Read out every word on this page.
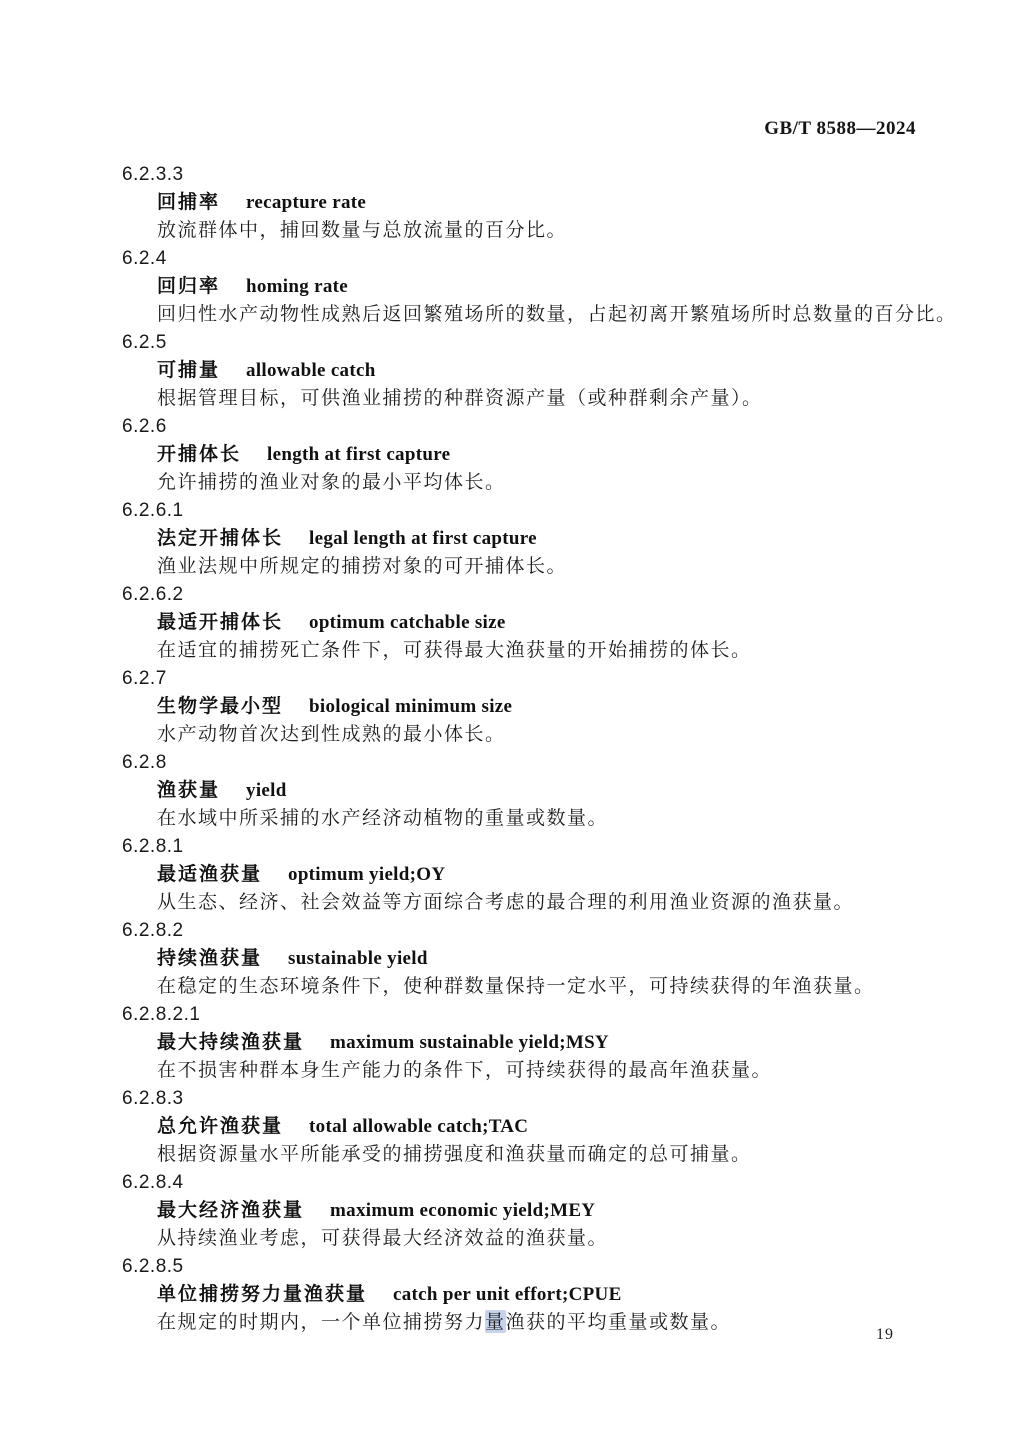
GB/T 8588—2024
6.2.3.3
回捕率 recapture rate
放流群体中，捕回数量与总放流量的百分比。
6.2.4
回归率 homing rate
回归性水产动物性成熟后返回繁殖场所的数量，占起初离开繁殖场所时总数量的百分比。
6.2.5
可捕量 allowable catch
根据管理目标，可供渔业捕捞的种群资源产量（或种群剩余产量）。
6.2.6
开捕体长 length at first capture
允许捕捞的渔业对象的最小平均体长。
6.2.6.1
法定开捕体长 legal length at first capture
渔业法规中所规定的捕捞对象的可开捕体长。
6.2.6.2
最适开捕体长 optimum catchable size
在适宜的捕捞死亡条件下，可获得最大渔获量的开始捕捞的体长。
6.2.7
生物学最小型 biological minimum size
水产动物首次达到性成熟的最小体长。
6.2.8
渔获量 yield
在水域中所采捕的水产经济动植物的重量或数量。
6.2.8.1
最适渔获量 optimum yield;OY
从生态、经济、社会效益等方面综合考虑的最合理的利用渔业资源的渔获量。
6.2.8.2
持续渔获量 sustainable yield
在稳定的生态环境条件下，使种群数量保持一定水平，可持续获得的年渔获量。
6.2.8.2.1
最大持续渔获量 maximum sustainable yield;MSY
在不损害种群本身生产能力的条件下，可持续获得的最高年渔获量。
6.2.8.3
总允许渔获量 total allowable catch;TAC
根据资源量水平所能承受的捕捞强度和渔获量而确定的总可捕量。
6.2.8.4
最大经济渔获量 maximum economic yield;MEY
从持续渔业考虑，可获得最大经济效益的渔获量。
6.2.8.5
单位捕捞努力量渔获量 catch per unit effort;CPUE
在规定的时期内，一个单位捕捞努力量渔获的平均重量或数量。
19
